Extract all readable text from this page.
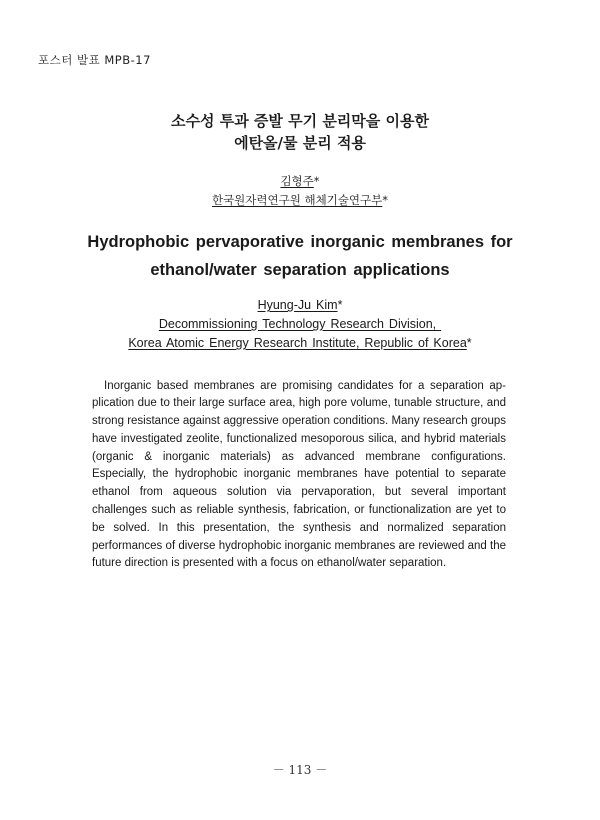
포스터 발표 MPB-17
소수성 투과 증발 무기 분리막을 이용한
에탄올/물 분리 적용
김형주*
한국원자력연구원 해체기술연구부*
Hydrophobic pervaporative inorganic membranes for
ethanol/water separation applications
Hyung-Ju Kim*
Decommissioning Technology Research Division,
Korea Atomic Energy Research Institute, Republic of Korea*

Inorganic based membranes are promising candidates for a separation application due to their large surface area, high pore volume, tunable structure, and strong resistance against aggressive operation conditions. Many research groups have investigated zeolite, functionalized mesoporous silica, and hybrid materials (organic & inorganic materials) as advanced membrane configurations. Especially, the hydrophobic inorganic membranes have potential to separate ethanol from aqueous solution via pervaporation, but several important challenges such as reliable synthesis, fabrication, or functionalization are yet to be solved. In this presentation, the synthesis and normalized separation performances of diverse hydrophobic inorganic membranes are reviewed and the future direction is presented with a focus on ethanol/water separation.

－ 113 －
